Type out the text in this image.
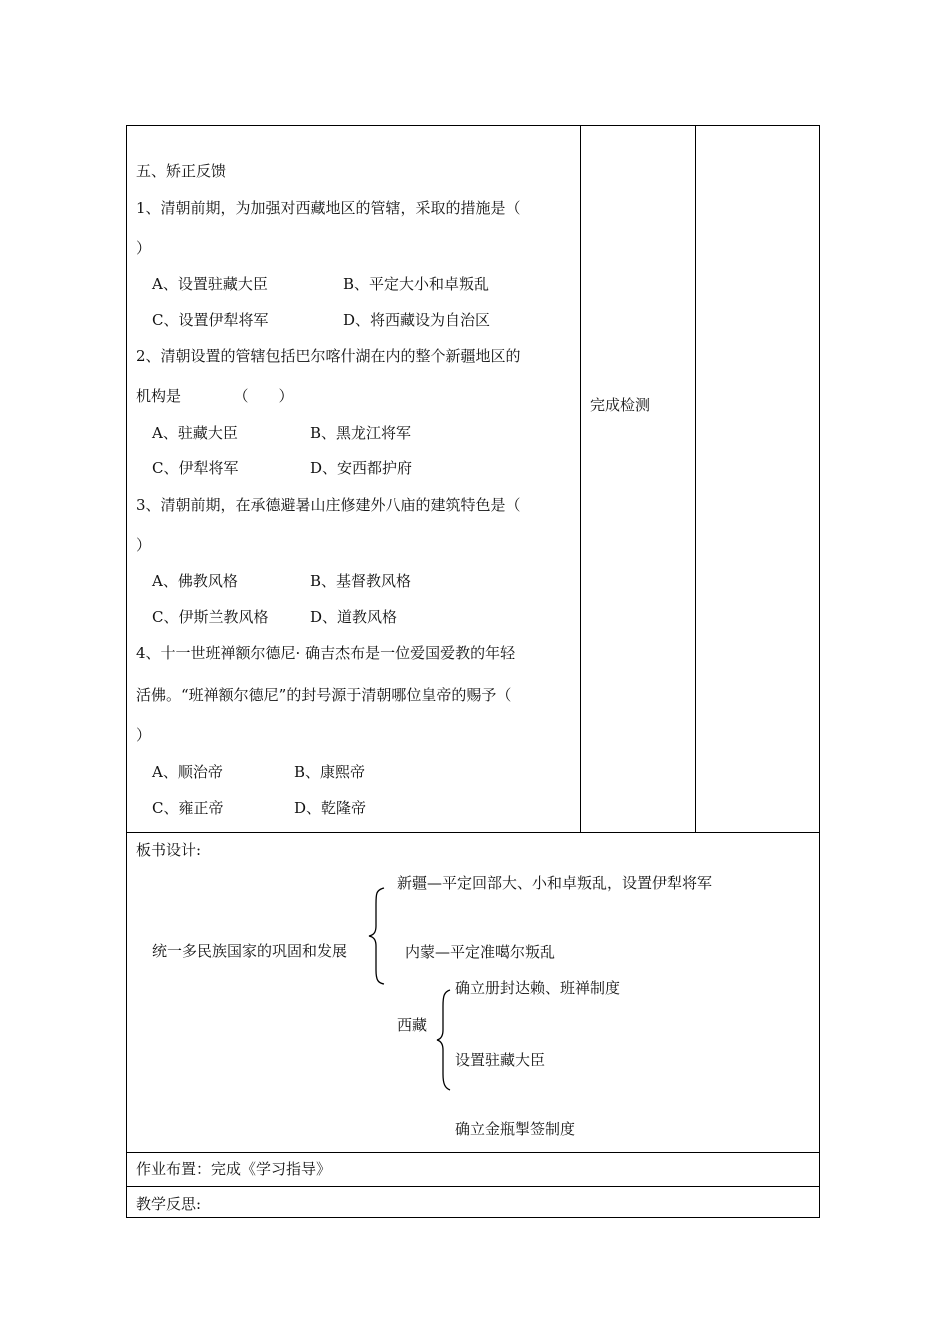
五、矫正反馈
1、清朝前期，为加强对西藏地区的管辖，采取的措施是（
）
A、设置驻藏大臣	B、平定大小和卓叛乱
C、设置伊犁将军	D、将西藏设为自治区
2、清朝设置的管辖包括巴尔喀什湖在内的整个新疆地区的
机构是　　　　（　　）
A、驻藏大臣	B、黑龙江将军
C、伊犁将军	D、安西都护府
3、清朝前期，在承德避暑山庄修建外八庙的建筑特色是（
）
A、佛教风格	B、基督教风格
C、伊斯兰教风格	D、道教风格
4、十一世班禅额尔德尼· 确吉杰布是一位爱国爱教的年轻
活佛。“班禅额尔德尼”的封号源于清朝哪位皇帝的赐予（
）
A、顺治帝	B、康熙帝
C、雍正帝	D、乾隆帝
完成检测
板书设计:
统一多民族国家的巩固和发展
新疆—平定回部大、小和卓叛乱，设置伊犁将军
内蒙—平定准噶尔叛乱
西藏
确立册封达赖、班禅制度
设置驻藏大臣
确立金瓶掣签制度
作业布置：完成《学习指导》
教学反思:
